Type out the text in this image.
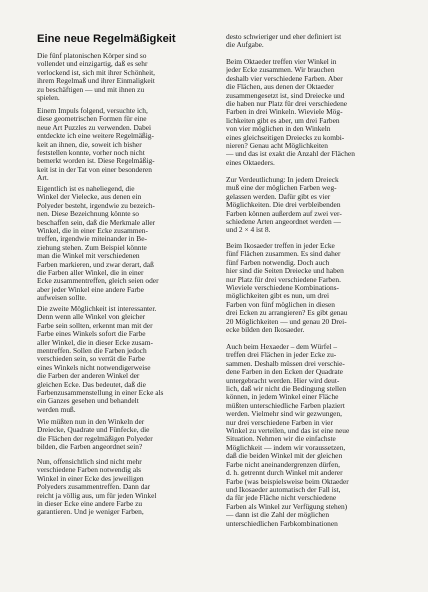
Eine neue Regelmäßigkeit
Die fünf platonischen Körper sind so
vollendet und einzigartig, daß es sehr
verlockend ist, sich mit ihrer Schönheit,
ihrem Regelmaß und ihrer Einmaligkeit
zu beschäftigen — und mit ihnen zu
spielen.
Einem Impuls folgend, versuchte ich,
diese geometrischen Formen für eine
neue Art Puzzles zu verwenden. Dabei
entdeckte ich eine weitere Regelmäßig-
keit an ihnen, die, soweit ich bisher
feststellen konnte, vorher noch nicht
bemerkt worden ist. Diese Regelmäßig-
keit ist in der Tat von einer besonderen
Art.
Eigentlich ist es naheliegend, die
Winkel der Vielecke, aus denen ein
Polyeder besteht, irgendwie zu bezeich-
nen. Diese Bezeichnung könnte so
beschaffen sein, daß die Merkmale aller
Winkel, die in einer Ecke zusammen-
treffen, irgendwie miteinander in Be-
ziehung stehen. Zum Beispiel könnte
man die Winkel mit verschiedenen
Farben markieren, und zwar derart, daß
die Farben aller Winkel, die in einer
Ecke zusammentreffen, gleich seien oder
aber jeder Winkel eine andere Farbe
aufweisen sollte.
Die zweite Möglichkeit ist interessanter.
Denn wenn alle Winkel von gleicher
Farbe sein sollten, erkennt man mit der
Farbe eines Winkels sofort die Farbe
aller Winkel, die in dieser Ecke zusam-
mentreffen. Sollen die Farben jedoch
verschieden sein, so verrät die Farbe
eines Winkels nicht notwendigerweise
die Farben der anderen Winkel der
gleichen Ecke. Das bedeutet, daß die
Farbenzusammenstellung in einer Ecke als
ein Ganzes gesehen und behandelt
werden muß.
Wie müßten nun in den Winkeln der
Dreiecke, Quadrate und Fünfecke, die
die Flächen der regelmäßigen Polyeder
bilden, die Farben angeordnet sein?
Nun, offensichtlich sind nicht mehr
verschiedene Farben notwendig als
Winkel in einer Ecke des jeweiligen
Polyeders zusammentreffen. Dann dar
reicht ja völlig aus, um für jeden Winkel
in dieser Ecke eine andere Farbe zu
garantieren. Und je weniger Farben,
desto schwieriger und eher definiert ist
die Aufgabe.
Beim Oktaeder treffen vier Winkel in
jeder Ecke zusammen. Wir brauchen
deshalb vier verschiedene Farben. Aber
die Flächen, aus denen der Oktaeder
zusammengesetzt ist, sind Dreiecke und
die haben nur Platz für drei verschiedene
Farben in drei Winkeln. Wieviele Mög-
lichkeiten gibt es aber, um drei Farben
von vier möglichen in den Winkeln
eines gleichseitigen Dreiecks zu kombi-
nieren? Genau acht Möglichkeiten
— und das ist exakt die Anzahl der Flächen
eines Oktaeders.
Zur Verdeutlichung: In jedem Dreieck
muß eine der möglichen Farben weg-
gelassen werden. Dafür gibt es vier
Möglichkeiten. Die drei verbleibenden
Farben können außerdem auf zwei ver-
schiedene Arten angeordnet werden —
und 2 × 4 ist 8.
Beim Ikosaeder treffen in jeder Ecke
fünf Flächen zusammen. Es sind daher
fünf Farben notwendig. Doch auch
hier sind die Seiten Dreiecke und haben
nur Platz für drei verschiedene Farben.
Wieviele verschiedene Kombinations-
möglichkeiten gibt es nun, um drei
Farben von fünf möglichen in diesen
drei Ecken zu arrangieren? Es gibt genau
20 Möglichkeiten — und genau 20 Drei-
ecke bilden den Ikosaeder.
Auch beim Hexaeder – dem Würfel –
treffen drei Flächen in jeder Ecke zu-
sammen. Deshalb müssen drei verschie-
dene Farben in den Ecken der Quadrate
untergebracht werden. Hier wird deut-
lich, daß wir nicht die Bedingung stellen
können, in jedem Winkel einer Fläche
müßten unterschiedliche Farben plaziert
werden. Vielmehr sind wir gezwungen,
nur drei verschiedene Farben in vier
Winkel zu verteilen, und das ist eine neue
Situation. Nehmen wir die einfachste
Möglichkeit — indem wir voraussetzen,
daß die beiden Winkel mit der gleichen
Farbe nicht aneinandergrenzen dürfen,
d. h. getrennt durch Winkel mit anderer
Farbe (was beispielsweise beim Oktaeder
und Ikosaeder automatisch der Fall ist,
da für jede Fläche nicht verschiedene
Farben als Winkel zur Verfügung stehen)
— dann ist die Zahl der möglichen
unterschiedlichen Farbkombinationen
